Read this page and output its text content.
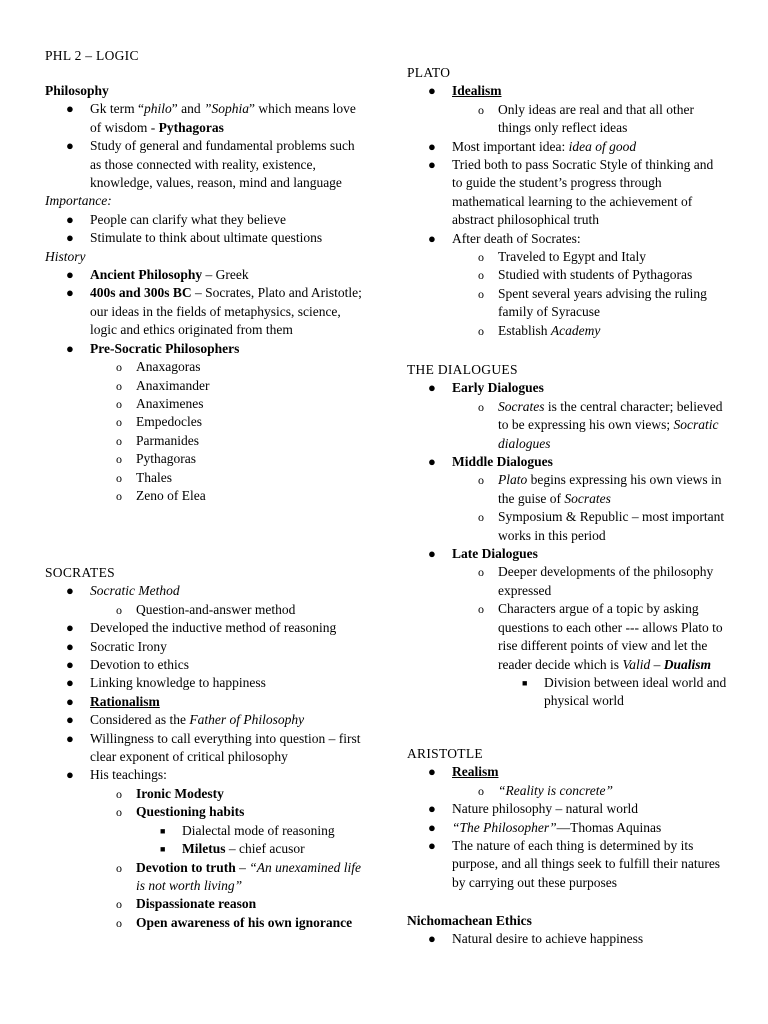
PHL 2 – LOGIC
Philosophy
● Gk term “philo” and ”Sophia” which means love of wisdom - Pythagoras
● Study of general and fundamental problems such as those connected with reality, existence, knowledge, values, reason, mind and language
Importance:
● People can clarify what they believe
● Stimulate to think about ultimate questions
History
● Ancient Philosophy – Greek
● 400s and 300s BC – Socrates, Plato and Aristotle; our ideas in the fields of metaphysics, science, logic and ethics originated from them
● Pre-Socratic Philosophers
o Anaxagoras
o Anaximander
o Anaximenes
o Empedocles
o Parmanides
o Pythagoras
o Thales
o Zeno of Elea
SOCRATES
● Socratic Method
o Question-and-answer method
● Developed the inductive method of reasoning
● Socratic Irony
● Devotion to ethics
● Linking knowledge to happiness
● Rationalism
● Considered as the Father of Philosophy
● Willingness to call everything into question – first clear exponent of critical philosophy
● His teachings:
o Ironic Modesty
o Questioning habits
■ Dialectal mode of reasoning
■ Miletus – chief acusor
o Devotion to truth – “An unexamined life is not worth living”
o Dispassionate reason
o Open awareness of his own ignorance
PLATO
● Idealism
o Only ideas are real and that all other things only reflect ideas
● Most important idea: idea of good
● Tried both to pass Socratic Style of thinking and to guide the student’s progress through mathematical learning to the achievement of abstract philosophical truth
● After death of Socrates:
o Traveled to Egypt and Italy
o Studied with students of Pythagoras
o Spent several years advising the ruling family of Syracuse
o Establish Academy
THE DIALOGUES
● Early Dialogues
o Socrates is the central character; believed to be expressing his own views; Socratic dialogues
● Middle Dialogues
o Plato begins expressing his own views in the guise of Socrates
o Symposium & Republic – most important works in this period
● Late Dialogues
o Deeper developments of the philosophy expressed
o Characters argue of a topic by asking questions to each other --- allows Plato to rise different points of view and let the reader decide which is Valid – Dualism
■ Division between ideal world and physical world
ARISTOTLE
● Realism
o “Reality is concrete”
● Nature philosophy – natural world
● “The Philosopher”—Thomas Aquinas
● The nature of each thing is determined by its purpose, and all things seek to fulfill their natures by carrying out these purposes
Nichomachean Ethics
● Natural desire to achieve happiness
